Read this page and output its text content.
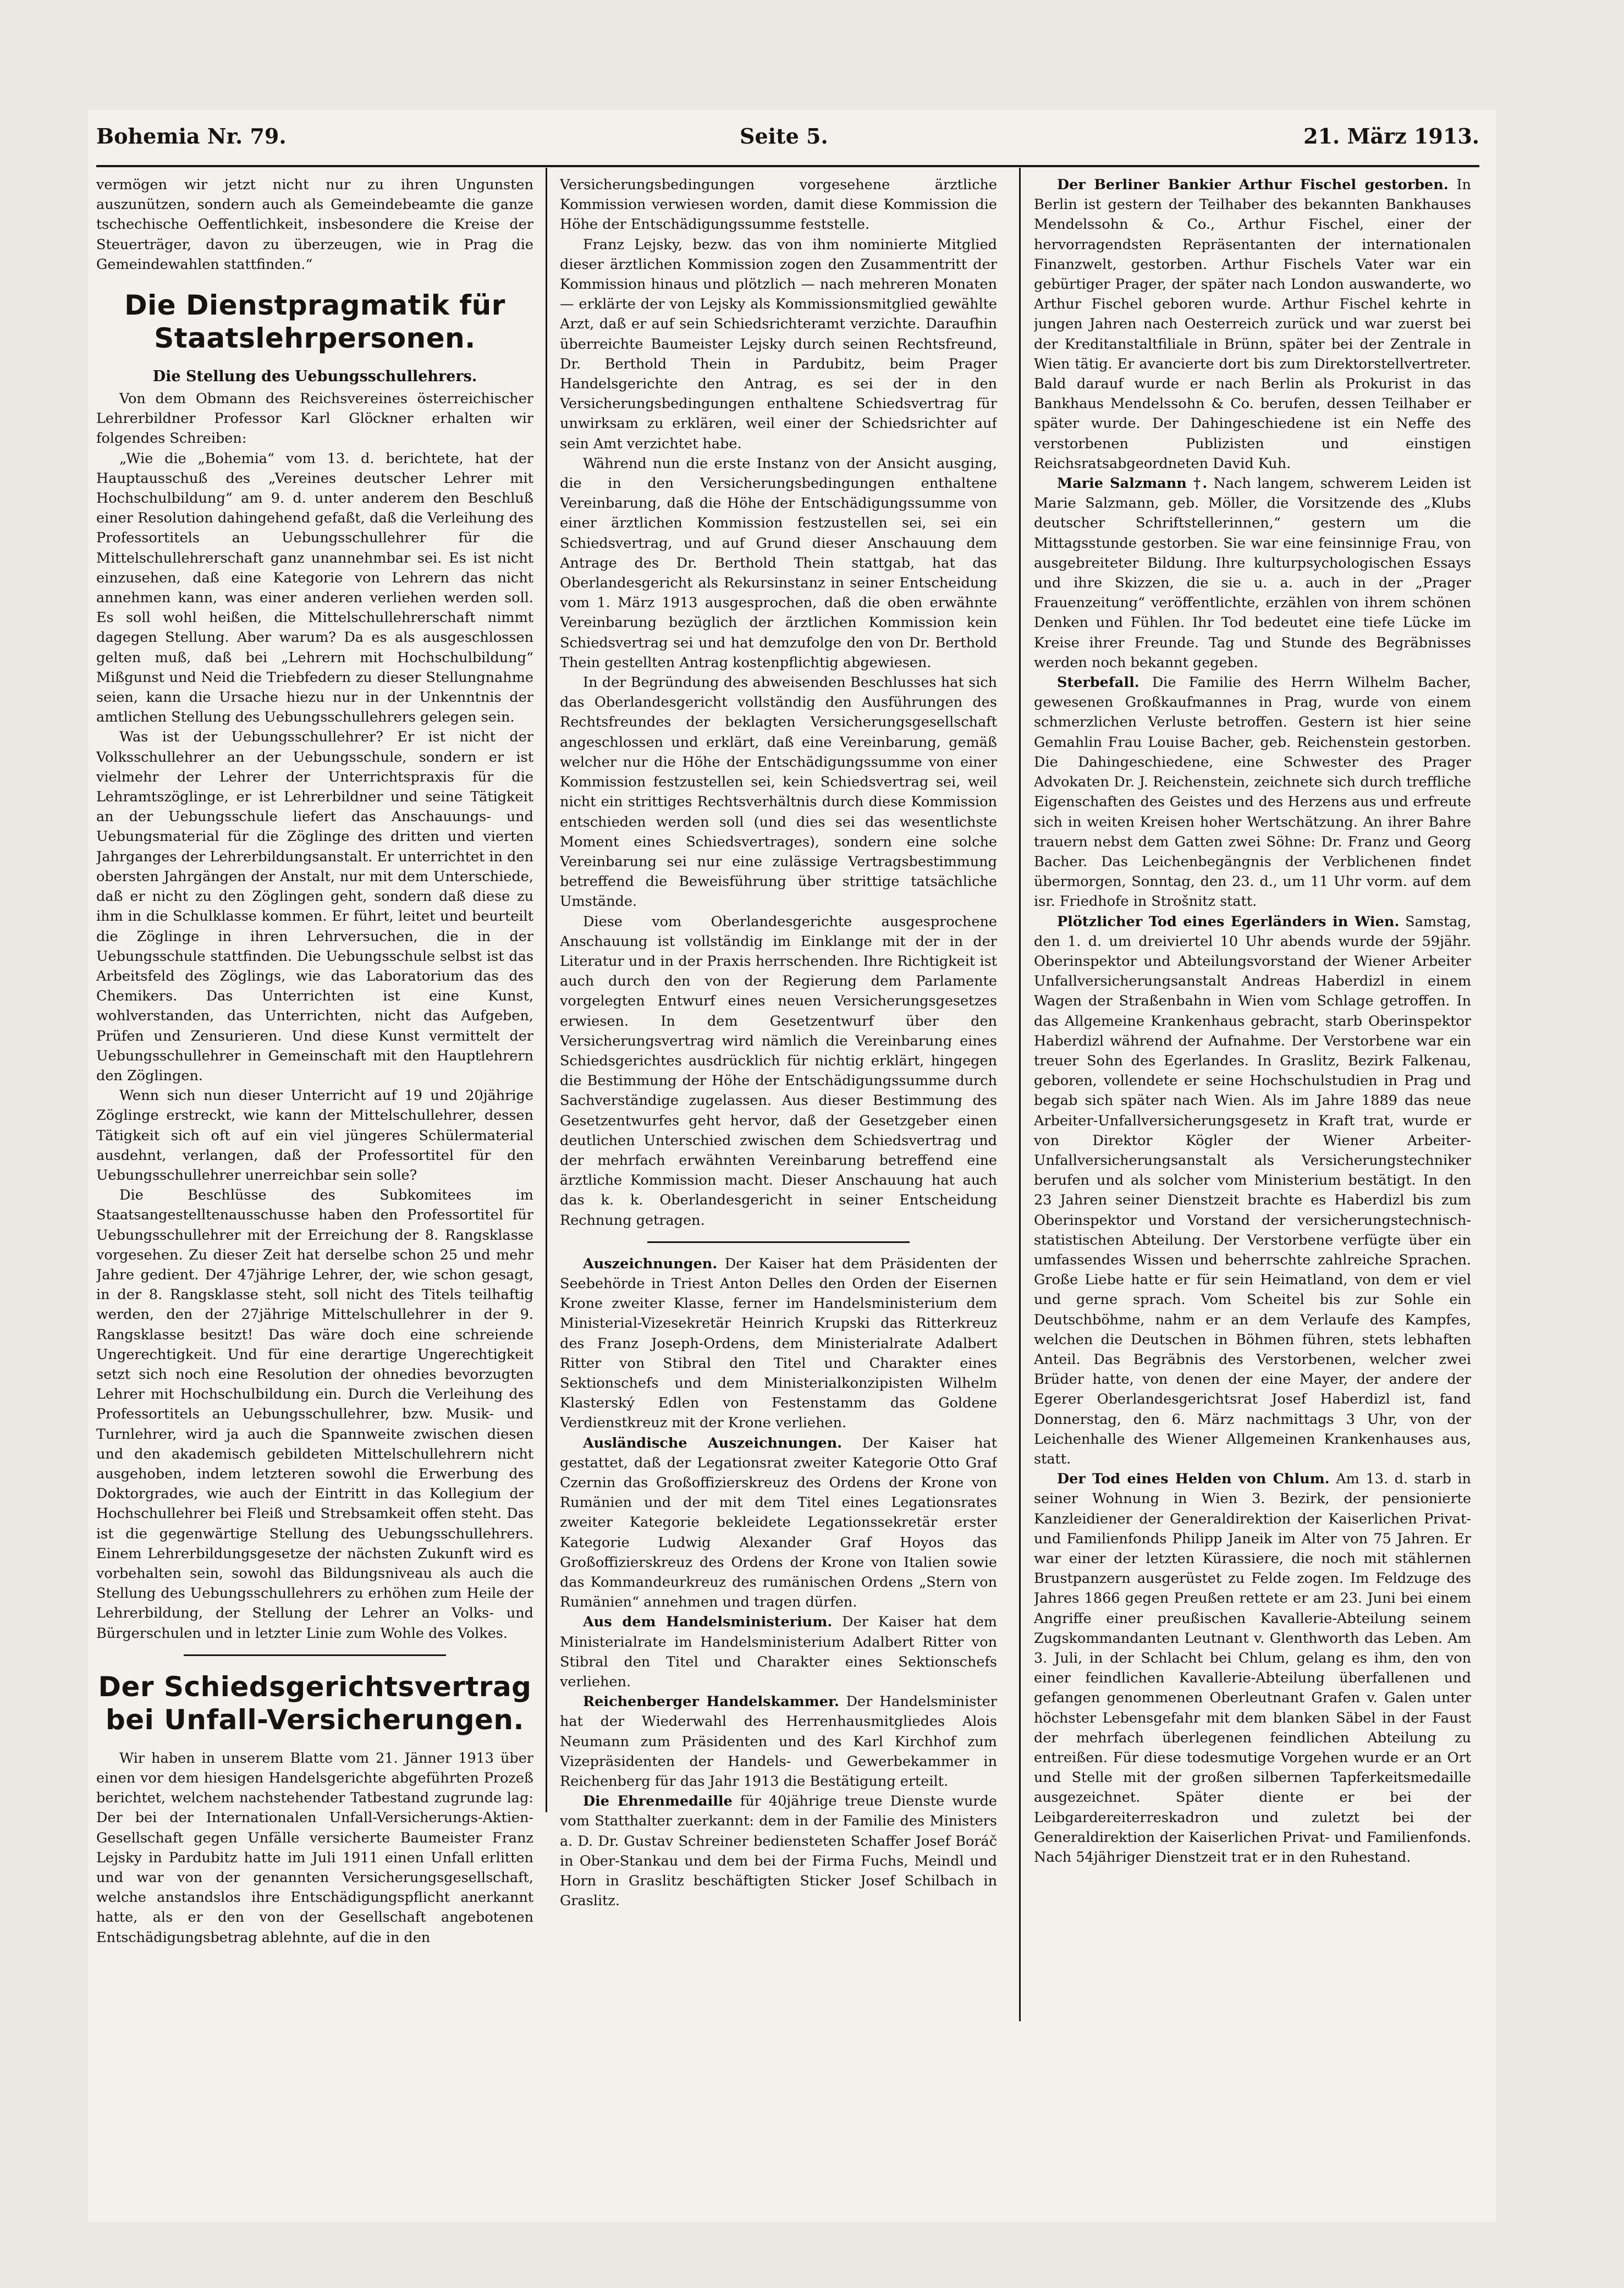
Bohemia Nr. 79.	Seite 5.	21. März 1913.

vermögen wir jetzt nicht nur zu ihren Ungunsten auszunützen, sondern auch als Gemeindebeamte die ganze tschechische Oeffentlichkeit, insbesondere die Kreise der Steuerträger, davon zu überzeugen, wie in Prag die Gemeindewahlen stattfinden.“

Die Dienstpragmatik für Staatslehrpersonen.
Die Stellung des Uebungsschullehrers.

Von dem Obmann des Reichsvereines österreichischer Lehrerbildner Professor Karl Glöckner erhalten wir folgendes Schreiben:

„Wie die „Bohemia“ vom 13. d. berichtete, hat der Hauptausschuß des „Vereines deutscher Lehrer mit Hochschulbildung“ am 9. d. unter anderem den Beschluß einer Resolution dahingehend gefaßt, daß die Verleihung des Professortitels an Uebungsschullehrer für die Mittelschullehrerschaft ganz unannehmbar sei. Es ist nicht einzusehen, daß eine Kategorie von Lehrern das nicht annehmen kann, was einer anderen verliehen werden soll. Es soll wohl heißen, die Mittelschullehrerschaft nimmt dagegen Stellung. Aber warum? Da es als ausgeschlossen gelten muß, daß bei „Lehrern mit Hochschulbildung“ Mißgunst und Neid die Triebfedern zu dieser Stellungnahme seien, kann die Ursache hiezu nur in der Unkenntnis der amtlichen Stellung des Uebungsschullehrers gelegen sein.

Was ist der Uebungsschullehrer? Er ist nicht der Volksschullehrer an der Uebungsschule, sondern er ist vielmehr der Lehrer der Unterrichtspraxis für die Lehramtszöglinge, er ist Lehrerbildner und seine Tätigkeit an der Uebungsschule liefert das Anschauungs- und Uebungsmaterial für die Zöglinge des dritten und vierten Jahrganges der Lehrerbildungsanstalt. Er unterrichtet in den obersten Jahrgängen der Anstalt, nur mit dem Unterschiede, daß er nicht zu den Zöglingen geht, sondern daß diese zu ihm in die Schulklasse kommen. Er führt, leitet und beurteilt die Zöglinge in ihren Lehrversuchen, die in der Uebungsschule stattfinden. Die Uebungsschule selbst ist das Arbeitsfeld des Zöglings, wie das Laboratorium das des Chemikers. Das Unterrichten ist eine Kunst, wohlverstanden, das Unterrichten, nicht das Aufgeben, Prüfen und Zensurieren. Und diese Kunst vermittelt der Uebungsschullehrer in Gemeinschaft mit den Hauptlehrern den Zöglingen.

Wenn sich nun dieser Unterricht auf 19 und 20jährige Zöglinge erstreckt, wie kann der Mittelschullehrer, dessen Tätigkeit sich oft auf ein viel jüngeres Schülermaterial ausdehnt, verlangen, daß der Professortitel für den Uebungsschullehrer unerreichbar sein solle?

Die Beschlüsse des Subkomitees im Staatsangestelltenausschusse haben den Professortitel für Uebungsschullehrer mit der Erreichung der 8. Rangsklasse vorgesehen. Zu dieser Zeit hat derselbe schon 25 und mehr Jahre gedient. Der 47jährige Lehrer, der, wie schon gesagt, in der 8. Rangsklasse steht, soll nicht des Titels teilhaftig werden, den der 27jährige Mittelschullehrer in der 9. Rangsklasse besitzt! Das wäre doch eine schreiende Ungerechtigkeit. Und für eine derartige Ungerechtigkeit setzt sich noch eine Resolution der ohnedies bevorzugten Lehrer mit Hochschulbildung ein. Durch die Verleihung des Professortitels an Uebungsschullehrer, bzw. Musik- und Turnlehrer, wird ja auch die Spannweite zwischen diesen und den akademisch gebildeten Mittelschullehrern nicht ausgehoben, indem letzteren sowohl die Erwerbung des Doktorgrades, wie auch der Eintritt in das Kollegium der Hochschullehrer bei Fleiß und Strebsamkeit offen steht. Das ist die gegenwärtige Stellung des Uebungsschullehrers. Einem Lehrerbildungsgesetze der nächsten Zukunft wird es vorbehalten sein, sowohl das Bildungsniveau als auch die Stellung des Uebungsschullehrers zu erhöhen zum Heile der Lehrerbildung, der Stellung der Lehrer an Volks- und Bürgerschulen und in letzter Linie zum Wohle des Volkes.

Der Schiedsgerichtsvertrag bei Unfall-Versicherungen.

Wir haben in unserem Blatte vom 21. Jänner 1913 über einen vor dem hiesigen Handelsgerichte abgeführten Prozeß berichtet, welchem nachstehender Tatbestand zugrunde lag: Der bei der Internationalen Unfall-Versicherungs-Aktien-Gesellschaft gegen Unfälle versicherte Baumeister Franz Lejsky in Pardubitz hatte im Juli 1911 einen Unfall erlitten und war von der genannten Versicherungsgesellschaft, welche anstandslos ihre Entschädigungspflicht anerkannt hatte, als er den von der Gesellschaft angebotenen Entschädigungsbetrag ablehnte, auf die in den

Versicherungsbedingungen vorgesehene ärztliche Kommission verwiesen worden, damit diese Kommission die Höhe der Entschädigungssumme feststelle.

Franz Lejsky, bezw. das von ihm nominierte Mitglied dieser ärztlichen Kommission zogen den Zusammentritt der Kommission hinaus und plötzlich — nach mehreren Monaten — erklärte der von Lejsky als Kommissionsmitglied gewählte Arzt, daß er auf sein Schiedsrichteramt verzichte. Daraufhin überreichte Baumeister Lejsky durch seinen Rechtsfreund, Dr. Berthold Thein in Pardubitz, beim Prager Handelsgerichte den Antrag, es sei der in den Versicherungsbedingungen enthaltene Schiedsvertrag für unwirksam zu erklären, weil einer der Schiedsrichter auf sein Amt verzichtet habe.

Während nun die erste Instanz von der Ansicht ausging, die in den Versicherungsbedingungen enthaltene Vereinbarung, daß die Höhe der Entschädigungssumme von einer ärztlichen Kommission festzustellen sei, sei ein Schiedsvertrag, und auf Grund dieser Anschauung dem Antrage des Dr. Berthold Thein stattgab, hat das Oberlandesgericht als Rekursinstanz in seiner Entscheidung vom 1. März 1913 ausgesprochen, daß die oben erwähnte Vereinbarung bezüglich der ärztlichen Kommission kein Schiedsvertrag sei und hat demzufolge den von Dr. Berthold Thein gestellten Antrag kostenpflichtig abgewiesen.

In der Begründung des abweisenden Beschlusses hat sich das Oberlandesgericht vollständig den Ausführungen des Rechtsfreundes der beklagten Versicherungsgesellschaft angeschlossen und erklärt, daß eine Vereinbarung, gemäß welcher nur die Höhe der Entschädigungssumme von einer Kommission festzustellen sei, kein Schiedsvertrag sei, weil nicht ein strittiges Rechtsverhältnis durch diese Kommission entschieden werden soll (und dies sei das wesentlichste Moment eines Schiedsvertrages), sondern eine solche Vereinbarung sei nur eine zulässige Vertragsbestimmung betreffend die Beweisführung über strittige tatsächliche Umstände.

Diese vom Oberlandesgerichte ausgesprochene Anschauung ist vollständig im Einklange mit der in der Literatur und in der Praxis herrschenden. Ihre Richtigkeit ist auch durch den von der Regierung dem Parlamente vorgelegten Entwurf eines neuen Versicherungsgesetzes erwiesen. In dem Gesetzentwurf über den Versicherungsvertrag wird nämlich die Vereinbarung eines Schiedsgerichtes ausdrücklich für nichtig erklärt, hingegen die Bestimmung der Höhe der Entschädigungssumme durch Sachverständige zugelassen. Aus dieser Bestimmung des Gesetzentwurfes geht hervor, daß der Gesetzgeber einen deutlichen Unterschied zwischen dem Schiedsvertrag und der mehrfach erwähnten Vereinbarung betreffend eine ärztliche Kommission macht. Dieser Anschauung hat auch das k. k. Oberlandesgericht in seiner Entscheidung Rechnung getragen.

Auszeichnungen. Der Kaiser hat dem Präsidenten der Seebehörde in Triest Anton Delles den Orden der Eisernen Krone zweiter Klasse, ferner im Handelsministerium dem Ministerial-Vizesekretär Heinrich Krupski das Ritterkreuz des Franz Joseph-Ordens, dem Ministerialrate Adalbert Ritter von Stibral den Titel und Charakter eines Sektionschefs und dem Ministerialkonzipisten Wilhelm Klasterský Edlen von Festenstamm das Goldene Verdienstkreuz mit der Krone verliehen.

Ausländische Auszeichnungen. Der Kaiser hat gestattet, daß der Legationsrat zweiter Kategorie Otto Graf Czernin das Großoffizierskreuz des Ordens der Krone von Rumänien und der mit dem Titel eines Legationsrates zweiter Kategorie bekleidete Legationssekretär erster Kategorie Ludwig Alexander Graf Hoyos das Großoffizierskreuz des Ordens der Krone von Italien sowie das Kommandeurkreuz des rumänischen Ordens „Stern von Rumänien“ annehmen und tragen dürfen.

Aus dem Handelsministerium. Der Kaiser hat dem Ministerialrate im Handelsministerium Adalbert Ritter von Stibral den Titel und Charakter eines Sektionschefs verliehen.

Reichenberger Handelskammer. Der Handelsminister hat der Wiederwahl des Herrenhausmitgliedes Alois Neumann zum Präsidenten und des Karl Kirchhof zum Vizepräsidenten der Handels- und Gewerbekammer in Reichenberg für das Jahr 1913 die Bestätigung erteilt.

Die Ehrenmedaille für 40jährige treue Dienste wurde vom Statthalter zuerkannt: dem in der Familie des Ministers a. D. Dr. Gustav Schreiner bediensteten Schaffer Josef Boráč in Ober-Stankau und dem bei der Firma Fuchs, Meindl und Horn in Graslitz beschäftigten Sticker Josef Schilbach in Graslitz.

Der Berliner Bankier Arthur Fischel gestorben. In Berlin ist gestern der Teilhaber des bekannten Bankhauses Mendelssohn & Co., Arthur Fischel, einer der hervorragendsten Repräsentanten der internationalen Finanzwelt, gestorben. Arthur Fischels Vater war ein gebürtiger Prager, der später nach London auswanderte, wo Arthur Fischel geboren wurde. Arthur Fischel kehrte in jungen Jahren nach Oesterreich zurück und war zuerst bei der Kreditanstaltfiliale in Brünn, später bei der Zentrale in Wien tätig. Er avancierte dort bis zum Direktorstellvertreter. Bald darauf wurde er nach Berlin als Prokurist in das Bankhaus Mendelssohn & Co. berufen, dessen Teilhaber er später wurde. Der Dahingeschiedene ist ein Neffe des verstorbenen Publizisten und einstigen Reichsratsabgeordneten David Kuh.

Marie Salzmann †. Nach langem, schwerem Leiden ist Marie Salzmann, geb. Möller, die Vorsitzende des „Klubs deutscher Schriftstellerinnen,“ gestern um die Mittagsstunde gestorben. Sie war eine feinsinnige Frau, von ausgebreiteter Bildung. Ihre kulturpsychologischen Essays und ihre Skizzen, die sie u. a. auch in der „Prager Frauenzeitung“ veröffentlichte, erzählen von ihrem schönen Denken und Fühlen. Ihr Tod bedeutet eine tiefe Lücke im Kreise ihrer Freunde. Tag und Stunde des Begräbnisses werden noch bekannt gegeben.

Sterbefall. Die Familie des Herrn Wilhelm Bacher, gewesenen Großkaufmannes in Prag, wurde von einem schmerzlichen Verluste betroffen. Gestern ist hier seine Gemahlin Frau Louise Bacher, geb. Reichenstein gestorben. Die Dahingeschiedene, eine Schwester des Prager Advokaten Dr. J. Reichenstein, zeichnete sich durch treffliche Eigenschaften des Geistes und des Herzens aus und erfreute sich in weiten Kreisen hoher Wertschätzung. An ihrer Bahre trauern nebst dem Gatten zwei Söhne: Dr. Franz und Georg Bacher. Das Leichenbegängnis der Verblichenen findet übermorgen, Sonntag, den 23. d., um 11 Uhr vorm. auf dem isr. Friedhofe in Strošnitz statt.

Plötzlicher Tod eines Egerländers in Wien. Samstag, den 1. d. um dreiviertel 10 Uhr abends wurde der 59jähr. Oberinspektor und Abteilungsvorstand der Wiener Arbeiter Unfallversicherungsanstalt Andreas Haberdizl in einem Wagen der Straßenbahn in Wien vom Schlage getroffen. In das Allgemeine Krankenhaus gebracht, starb Oberinspektor Haberdizl während der Aufnahme. Der Verstorbene war ein treuer Sohn des Egerlandes. In Graslitz, Bezirk Falkenau, geboren, vollendete er seine Hochschulstudien in Prag und begab sich später nach Wien. Als im Jahre 1889 das neue Arbeiter-Unfallversicherungsgesetz in Kraft trat, wurde er von Direktor Kögler der Wiener Arbeiter-Unfallversicherungsanstalt als Versicherungstechniker berufen und als solcher vom Ministerium bestätigt. In den 23 Jahren seiner Dienstzeit brachte es Haberdizl bis zum Oberinspektor und Vorstand der versicherungstechnisch-statistischen Abteilung. Der Verstorbene verfügte über ein umfassendes Wissen und beherrschte zahlreiche Sprachen. Große Liebe hatte er für sein Heimatland, von dem er viel und gerne sprach. Vom Scheitel bis zur Sohle ein Deutschböhme, nahm er an dem Verlaufe des Kampfes, welchen die Deutschen in Böhmen führen, stets lebhaften Anteil. Das Begräbnis des Verstorbenen, welcher zwei Brüder hatte, von denen der eine Mayer, der andere der Egerer Oberlandesgerichtsrat Josef Haberdizl ist, fand Donnerstag, den 6. März nachmittags 3 Uhr, von der Leichenhalle des Wiener Allgemeinen Krankenhauses aus, statt.

Der Tod eines Helden von Chlum. Am 13. d. starb in seiner Wohnung in Wien 3. Bezirk, der pensionierte Kanzleidiener der Generaldirektion der Kaiserlichen Privat- und Familienfonds Philipp Janeik im Alter von 75 Jahren. Er war einer der letzten Kürassiere, die noch mit stählernen Brustpanzern ausgerüstet zu Felde zogen. Im Feldzuge des Jahres 1866 gegen Preußen rettete er am 23. Juni bei einem Angriffe einer preußischen Kavallerie-Abteilung seinem Zugskommandanten Leutnant v. Glenthworth das Leben. Am 3. Juli, in der Schlacht bei Chlum, gelang es ihm, den von einer feindlichen Kavallerie-Abteilung überfallenen und gefangen genommenen Oberleutnant Grafen v. Galen unter höchster Lebensgefahr mit dem blanken Säbel in der Faust der mehrfach überlegenen feindlichen Abteilung zu entreißen. Für diese todesmutige Vorgehen wurde er an Ort und Stelle mit der großen silbernen Tapferkeitsmedaille ausgezeichnet. Später diente er bei der Leibgardereiterreskadron und zuletzt bei der Generaldirektion der Kaiserlichen Privat- und Familienfonds. Nach 54jähriger Dienstzeit trat er in den Ruhestand.
